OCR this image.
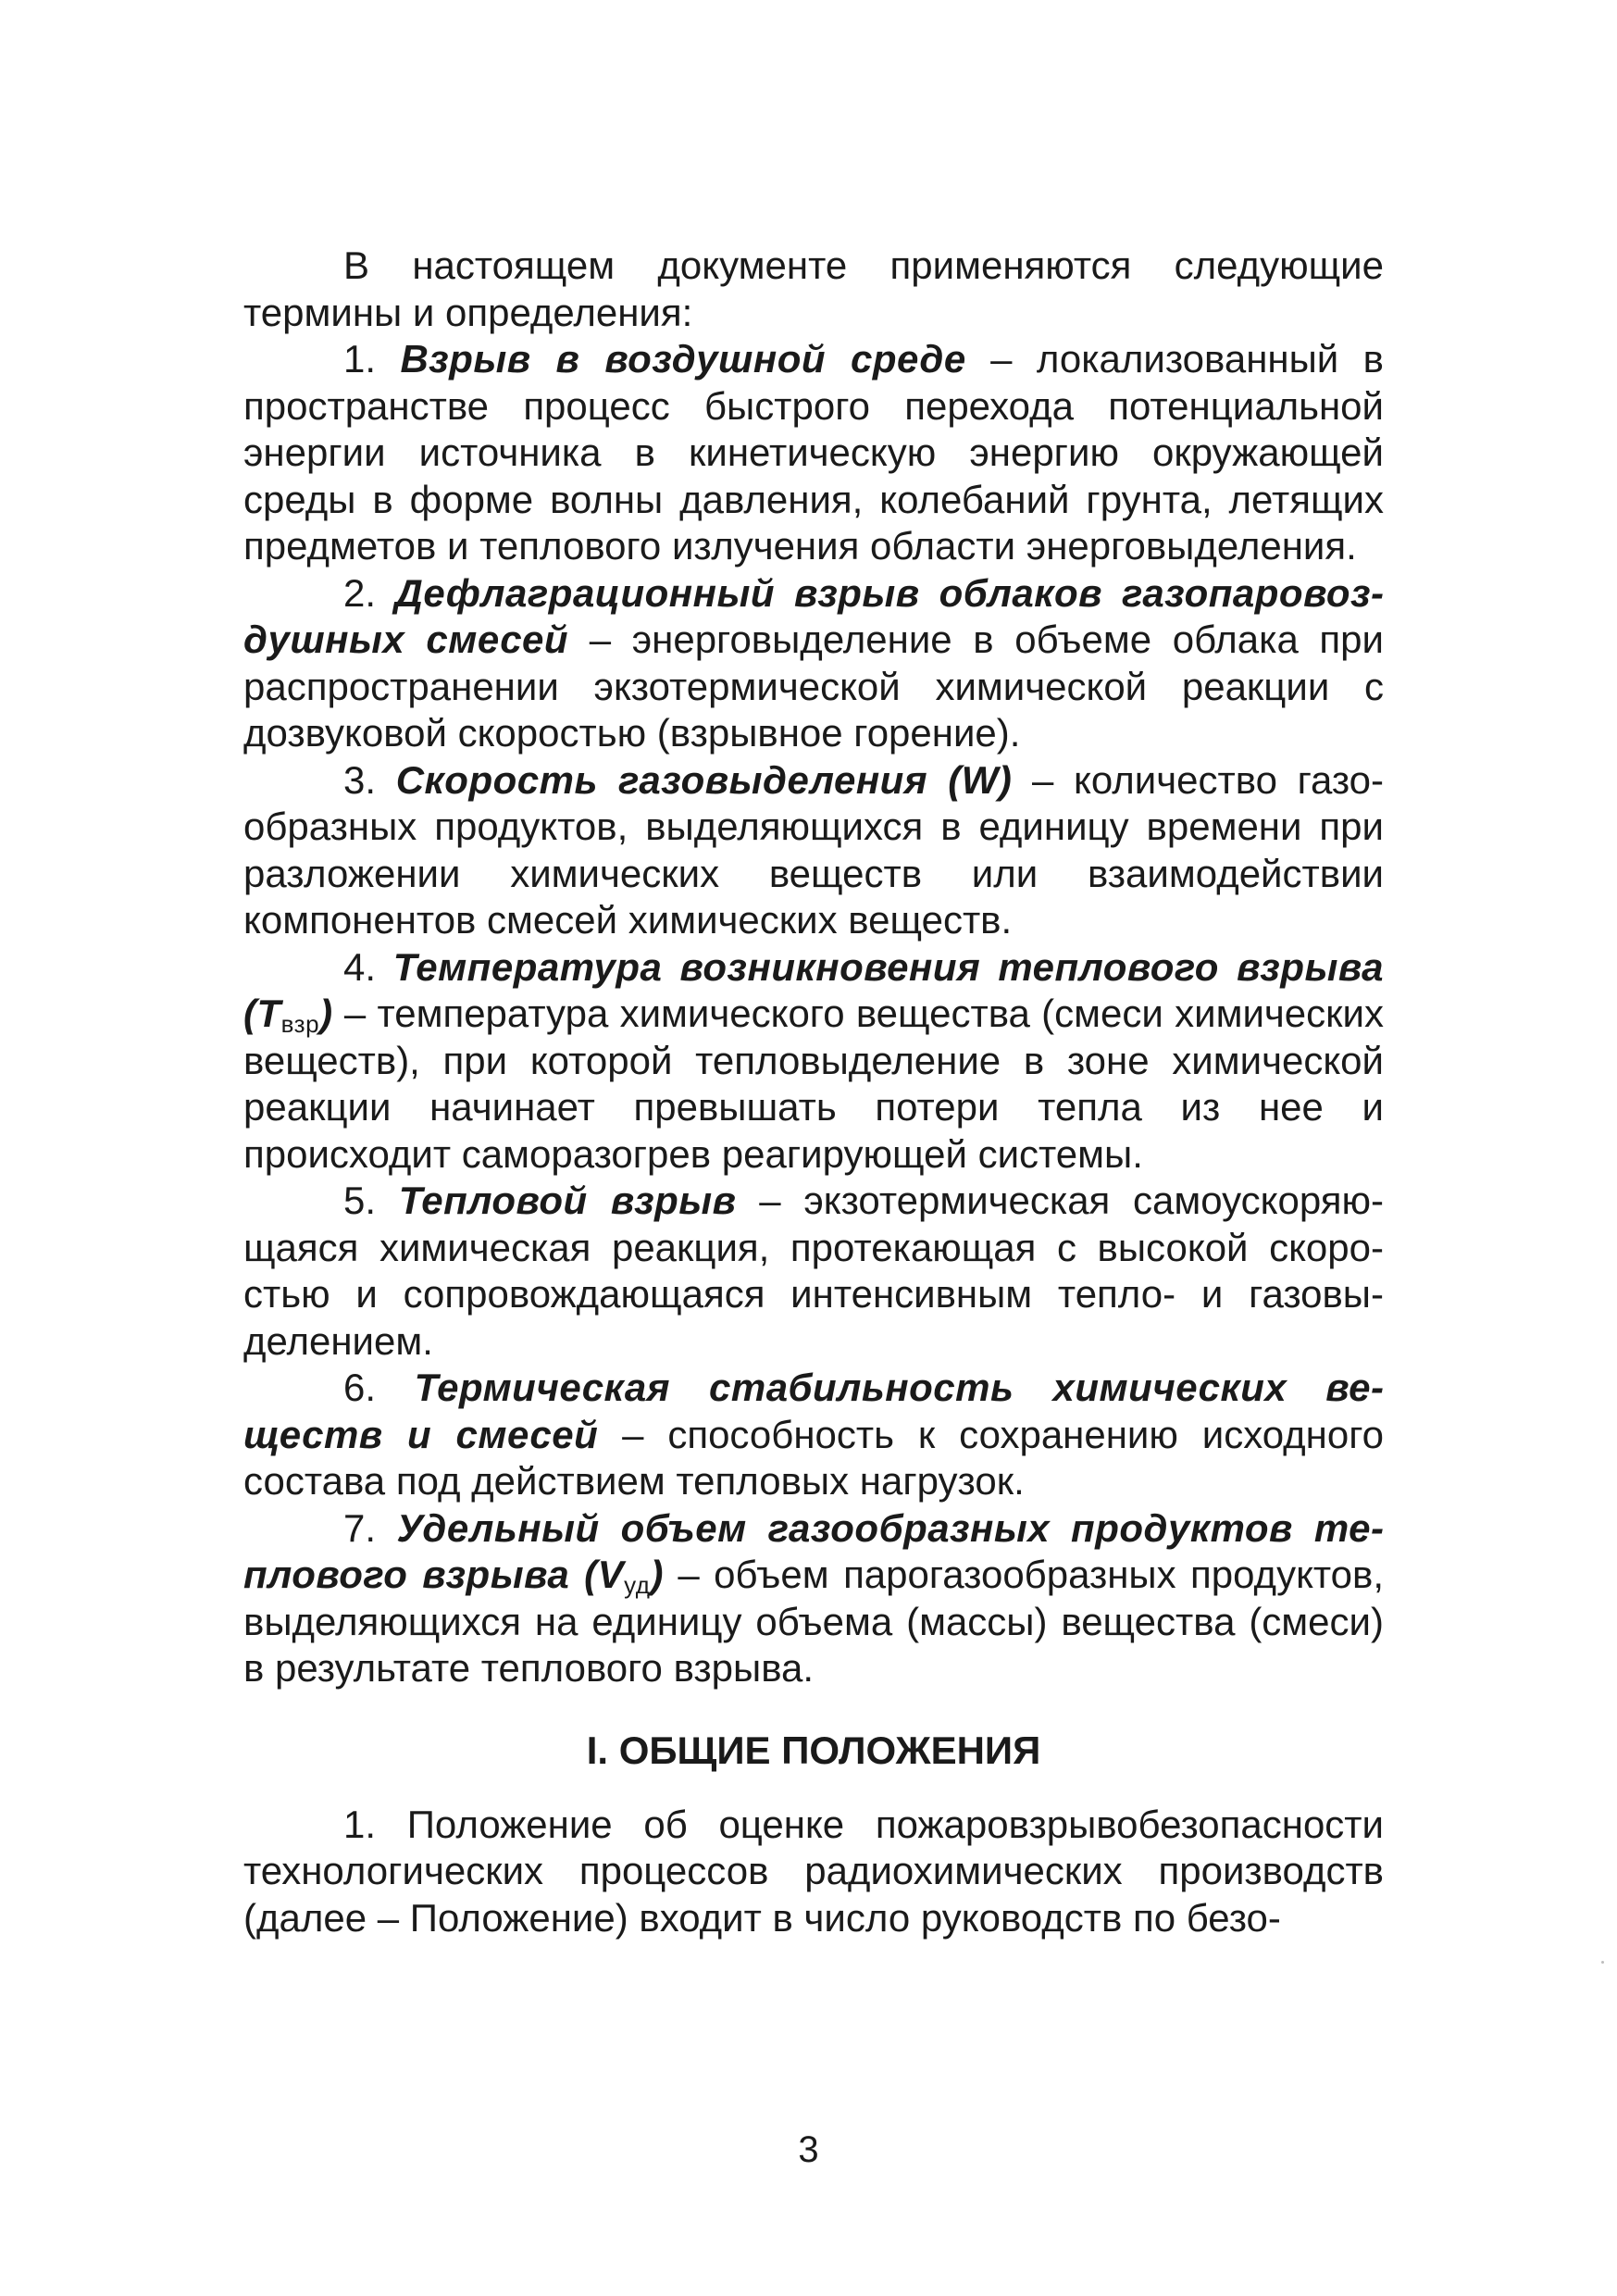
В настоящем документе применяются следующие термины и определения:

1. Взрыв в воздушной среде – локализованный в пространстве процесс быстрого перехода потенциальной энергии источника в кинетическую энергию окружающей среды в форме волны давления, колебаний грунта, летящих предметов и теплового излучения области энерговыделения.

2. Дефлаграционный взрыв облаков газопаровоздушных смесей – энерговыделение в объеме облака при распространении экзотермической химической реакции с дозвуковой скоростью (взрывное горение).

3. Скорость газовыделения (W) – количество газообразных продуктов, выделяющихся в единицу времени при разложении химических веществ или взаимодействии компонентов смесей химических веществ.

4. Температура возникновения теплового взрыва $(Т_{взр})$ – температура химического вещества (смеси химических веществ), при которой тепловыделение в зоне химической реакции начинает превышать потери тепла из нее и происходит саморазогрев реагирующей системы.

5. Тепловой взрыв – экзотермическая самоускоряющаяся химическая реакция, протекающая с высокой скоростью и сопровождающаяся интенсивным тепло- и газовыделением.

6. Термическая стабильность химических веществ и смесей – способность к сохранению исходного состава под действием тепловых нагрузок.

7. Удельный объем газообразных продуктов теплового взрыва $(V_{уд})$ – объем парогазообразных продуктов, выделяющихся на единицу объема (массы) вещества (смеси) в результате теплового взрыва.

I. ОБЩИЕ ПОЛОЖЕНИЯ

1. Положение об оценке пожаровзрывобезопасности технологических процессов радиохимических производств (далее – Положение) входит в число руководств по безо-

3
